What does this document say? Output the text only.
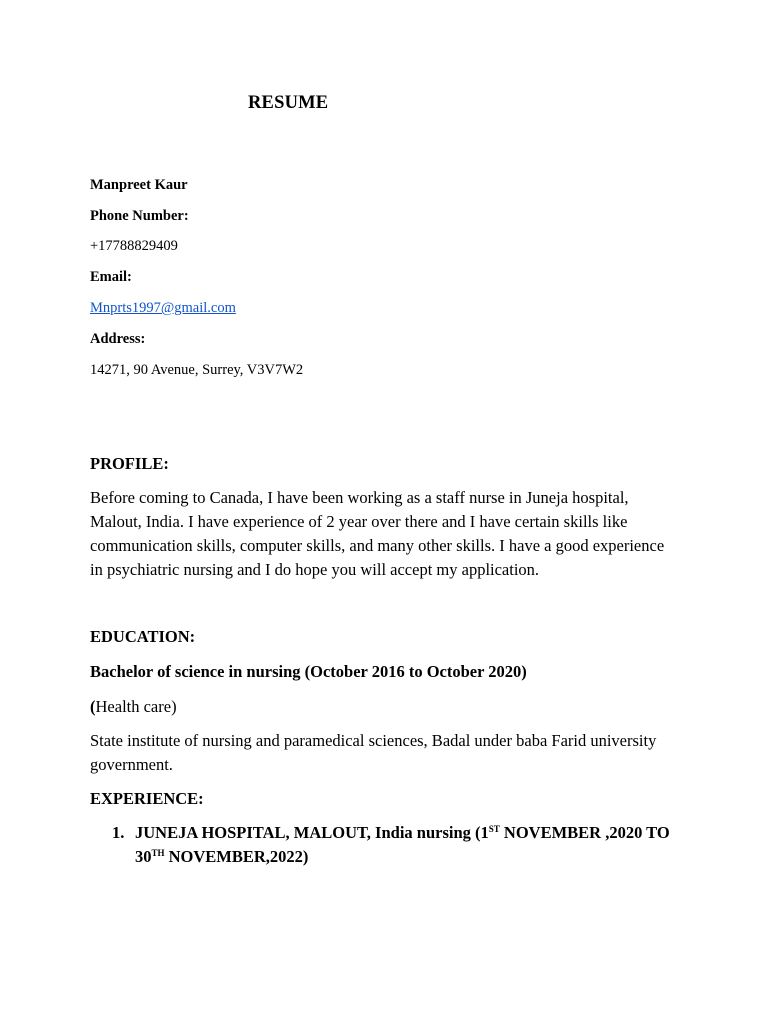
RESUME
Manpreet Kaur
Phone Number:
+17788829409
Email:
Mnprts1997@gmail.com
Address:
14271, 90 Avenue, Surrey, V3V7W2
PROFILE:
Before coming to Canada, I have been working as a staff nurse in Juneja hospital, Malout, India. I have experience of 2 year over there and I have certain skills like communication skills, computer skills, and many other skills. I have a good experience in psychiatric nursing and I do hope you will accept my application.
EDUCATION:
Bachelor of science in nursing (October 2016 to October 2020)
(Health care)
State institute of nursing and paramedical sciences, Badal under baba Farid university government.
EXPERIENCE:
1. JUNEJA HOSPITAL, MALOUT, India nursing (1ST NOVEMBER ,2020 TO 30TH NOVEMBER,2022)
